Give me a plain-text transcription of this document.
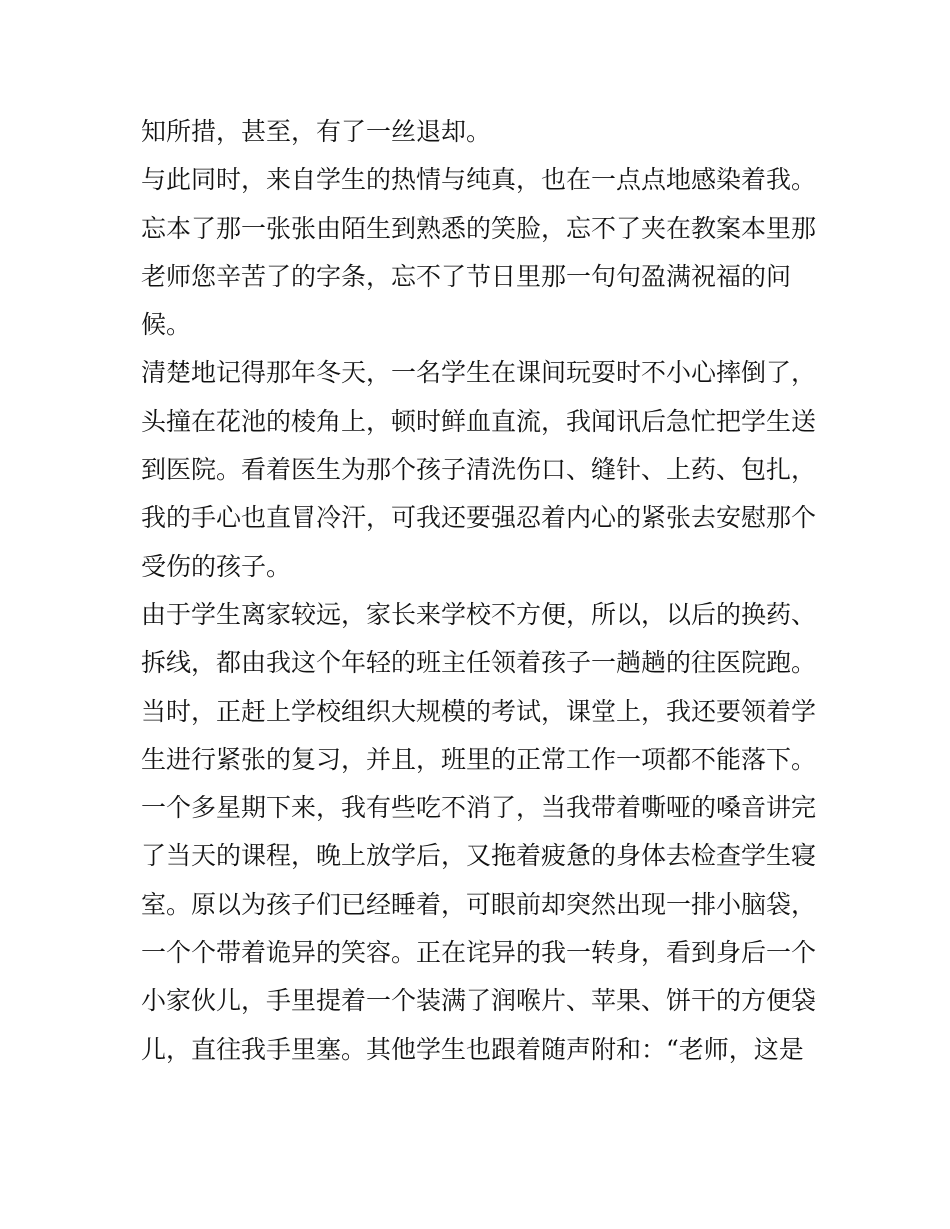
知所措，甚至，有了一丝退却。
与此同时，来自学生的热情与纯真，也在一点点地感染着我。
忘本了那一张张由陌生到熟悉的笑脸，忘不了夹在教案本里那
老师您辛苦了的字条，忘不了节日里那一句句盈满祝福的问
候。
清楚地记得那年冬天，一名学生在课间玩耍时不小心摔倒了，
头撞在花池的棱角上，顿时鲜血直流，我闻讯后急忙把学生送
到医院。看着医生为那个孩子清洗伤口、缝针、上药、包扎，
我的手心也直冒冷汗，可我还要强忍着内心的紧张去安慰那个
受伤的孩子。
由于学生离家较远，家长来学校不方便，所以，以后的换药、
拆线，都由我这个年轻的班主任领着孩子一趟趟的往医院跑。
当时，正赶上学校组织大规模的考试，课堂上，我还要领着学
生进行紧张的复习，并且，班里的正常工作一项都不能落下。
一个多星期下来，我有些吃不消了，当我带着嘶哑的嗓音讲完
了当天的课程，晚上放学后，又拖着疲惫的身体去检查学生寝
室。原以为孩子们已经睡着，可眼前却突然出现一排小脑袋，
一个个带着诡异的笑容。正在诧异的我一转身，看到身后一个
小家伙儿，手里提着一个装满了润喉片、苹果、饼干的方便袋
儿，直往我手里塞。其他学生也跟着随声附和：“老师，这是
